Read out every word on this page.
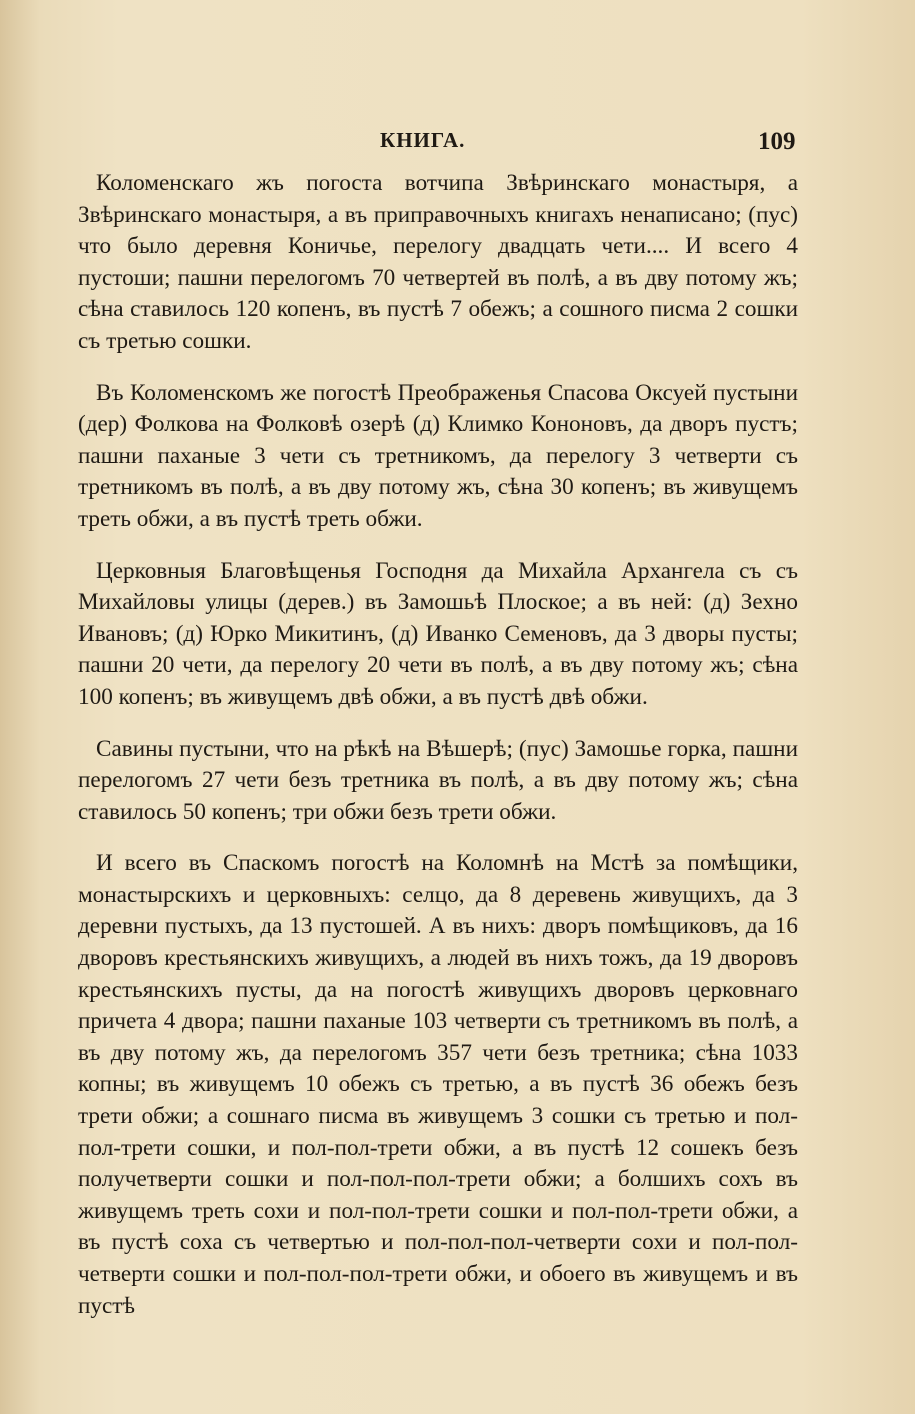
КНИГА.	109

Коломенскаго жъ погоста вотчипа Звѣринскаго монастыря, а Звѣринскаго монастыря, а въ приправочныхъ книгахъ ненаписано; (пус) что было деревня Коничье, перелогу двадцать чети.... И всего 4 пустоши; пашни перелогомъ 70 четвертей въ полѣ, а въ дву потому жъ; сѣна ставилось 120 копенъ, въ пустѣ 7 обежъ; а сошного писма 2 сошки съ третью сошки.

Въ Коломенскомъ же погостѣ Преображенья Спасова Оксуей пустыни (дер) Фолкова на Фолковѣ озерѣ (д) Климко Кононовъ, да дворъ пустъ; пашни паханые 3 чети съ третникомъ, да перелогу 3 четверти съ третникомъ въ полѣ, а въ дву потому жъ, сѣна 30 копенъ; въ живущемъ треть обжи, а въ пустѣ треть обжи.

Церковныя Благовѣщенья Господня да Михайла Архангела съ съ Михайловы улицы (дерев.) въ Замошьѣ Плоское; а въ ней: (д) Зехно Ивановъ; (д) Юрко Микитинъ, (д) Иванко Семеновъ, да 3 дворы пусты; пашни 20 чети, да перелогу 20 чети въ полѣ, а въ дву потому жъ; сѣна 100 копенъ; въ живущемъ двѣ обжи, а въ пустѣ двѣ обжи.

Савины пустыни, что на рѣкѣ на Вѣшерѣ; (пус) Замошье горка, пашни перелогомъ 27 чети безъ третника въ полѣ, а въ дву потому жъ; сѣна ставилось 50 копенъ; три обжи безъ трети обжи.

И всего въ Спаскомъ погостѣ на Коломнѣ на Мстѣ за помѣщики, монастырскихъ и церковныхъ: селцо, да 8 деревень живущихъ, да 3 деревни пустыхъ, да 13 пустошей. А въ нихъ: дворъ помѣщиковъ, да 16 дворовъ крестьянскихъ живущихъ, а людей въ нихъ тожъ, да 19 дворовъ крестьянскихъ пусты, да на погостѣ живущихъ дворовъ церковнаго причета 4 двора; пашни паханые 103 четверти съ третникомъ въ полѣ, а въ дву потому жъ, да перелогомъ 357 чети безъ третника; сѣна 1033 копны; въ живущемъ 10 обежъ съ третью, а въ пустѣ 36 обежъ безъ трети обжи; а сошнаго писма въ живущемъ 3 сошки съ третью и пол-пол-трети сошки, и пол-пол-трети обжи, а въ пустѣ 12 сошекъ безъ получетверти сошки и пол-пол-пол-трети обжи; а болшихъ сохъ въ живущемъ треть сохи и пол-пол-трети сошки и пол-пол-трети обжи, а въ пустѣ соха съ четвертью и пол-пол-пол-четверти сохи и пол-пол-четверти сошки и пол-пол-пол-трети обжи, и обоего въ живущемъ и въ пустѣ
